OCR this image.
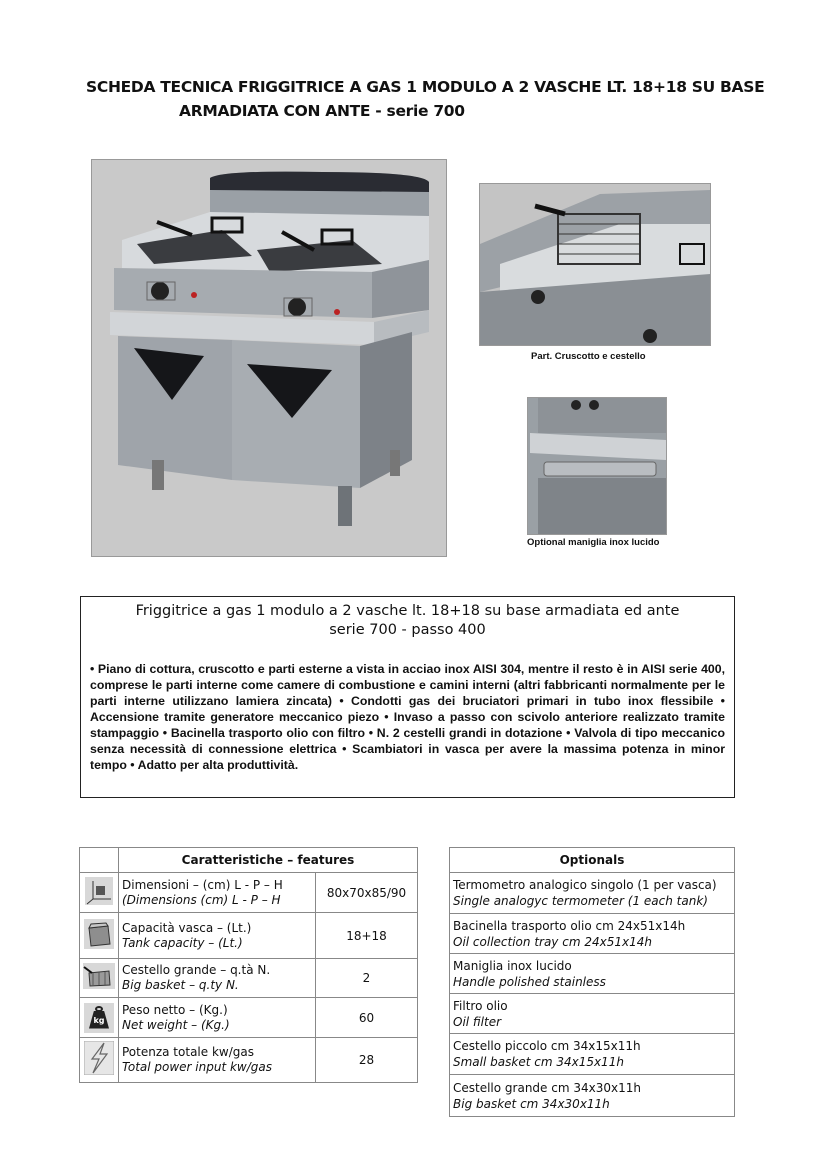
SCHEDA TECNICA FRIGGITRICE A GAS 1 MODULO A 2 VASCHE LT. 18+18 SU BASE
ARMADIATA CON ANTE - serie 700
Part. Cruscotto e cestello
Optional maniglia inox lucido
Friggitrice a gas 1 modulo a 2 vasche lt. 18+18 su base armadiata ed ante
serie 700 - passo 400
• Piano di cottura, cruscotto e parti esterne a vista in acciao inox AISI 304, mentre il resto è in AISI serie 400, comprese le parti interne come camere di combustione e camini interni (altri fabbricanti normalmente per le parti interne utilizzano lamiera zincata) • Condotti gas dei bruciatori primari in tubo inox flessibile • Accensione tramite generatore meccanico piezo • Invaso a passo con scivolo anteriore realizzato tramite stampaggio • Bacinella trasporto olio con filtro • N. 2 cestelli grandi in dotazione • Valvola di tipo meccanico senza necessità di connessione elettrica • Scambiatori in vasca per avere la massima potenza in minor tempo • Adatto per alta produttività.
	Caratteristiche – features	

Dimensioni – (cm) L - P – H
(Dimensions (cm) L - P – H	80x70x85/90

Capacità vasca – (Lt.)
Tank capacity – (Lt.)	18+18

Cestello grande – q.tà N.
Big basket – q.ty N.	2

kg	Peso netto – (Kg.)
Net weight – (Kg.)	60

Potenza totale kw/gas
Total power input kw/gas	28
Optionals

Termometro analogico singolo (1 per vasca)
Single analogyc termometer (1 each tank)

Bacinella trasporto olio cm 24x51x14h
Oil collection tray cm 24x51x14h

Maniglia inox lucido
Handle polished stainless

Filtro olio
Oil filter

Cestello piccolo cm 34x15x11h
Small basket cm 34x15x11h

Cestello grande cm 34x30x11h
Big basket cm 34x30x11h
